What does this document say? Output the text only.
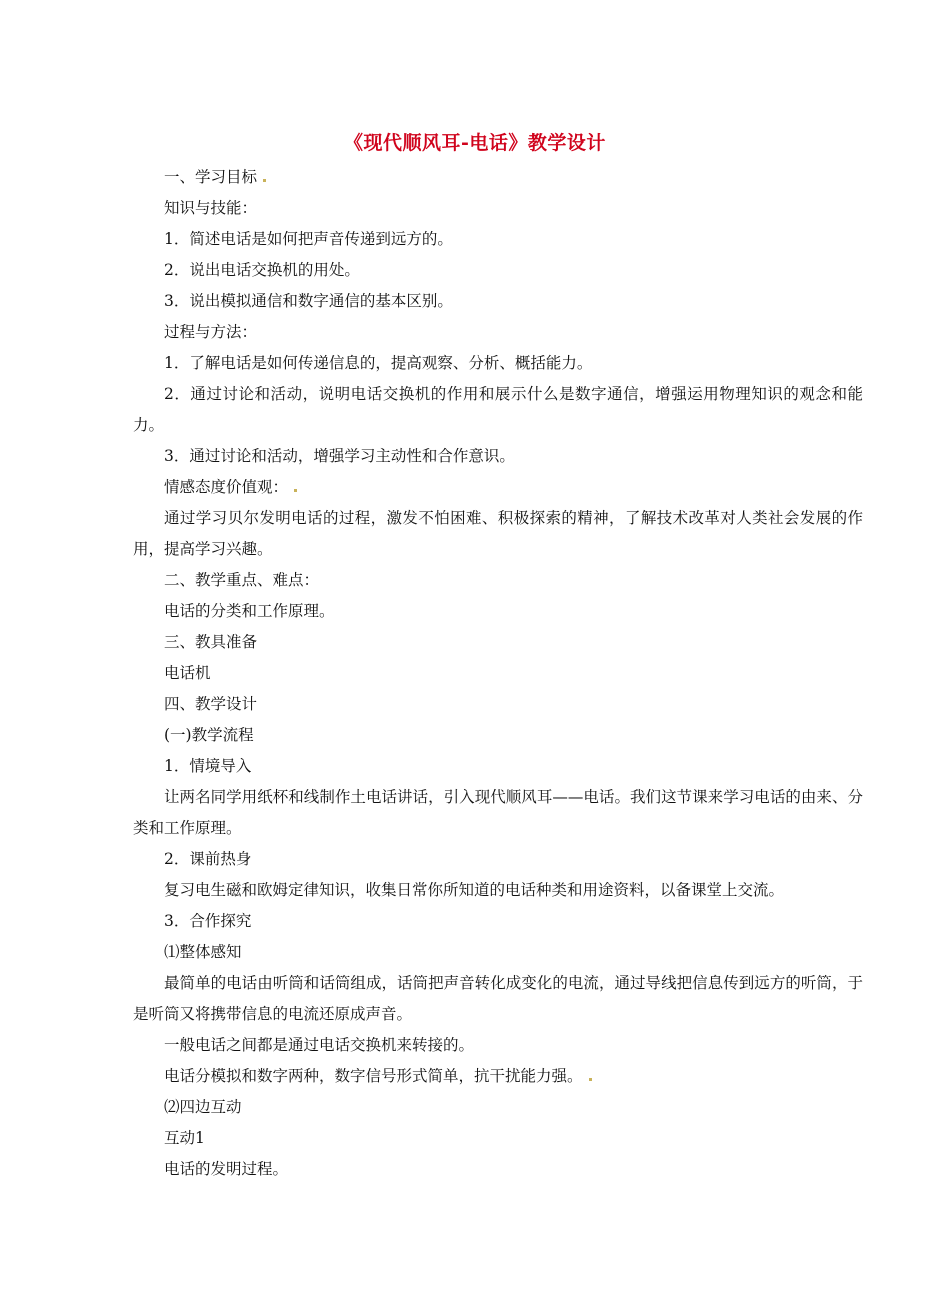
《现代顺风耳-电话》教学设计

一、学习目标

知识与技能：

1．简述电话是如何把声音传递到远方的。

2．说出电话交换机的用处。

3．说出模拟通信和数字通信的基本区别。

过程与方法：

1．了解电话是如何传递信息的，提高观察、分析、概括能力。

2．通过讨论和活动，说明电话交换机的作用和展示什么是数字通信，增强运用物理知识的观念和能力。

3．通过讨论和活动，增强学习主动性和合作意识。

情感态度价值观：

通过学习贝尔发明电话的过程，激发不怕困难、积极探索的精神，了解技术改革对人类社会发展的作用，提高学习兴趣。

二、教学重点、难点：

电话的分类和工作原理。

三、教具准备

电话机

四、教学设计

(一)教学流程

1．情境导入

让两名同学用纸杯和线制作土电话讲话，引入现代顺风耳——电话。我们这节课来学习电话的由来、分类和工作原理。

2．课前热身

复习电生磁和欧姆定律知识，收集日常你所知道的电话种类和用途资料，以备课堂上交流。

3．合作探究

⑴整体感知

最简单的电话由听筒和话筒组成，话筒把声音转化成变化的电流，通过导线把信息传到远方的听筒，于是听筒又将携带信息的电流还原成声音。

一般电话之间都是通过电话交换机来转接的。

电话分模拟和数字两种，数字信号形式简单，抗干扰能力强。

⑵四边互动

互动1

电话的发明过程。
